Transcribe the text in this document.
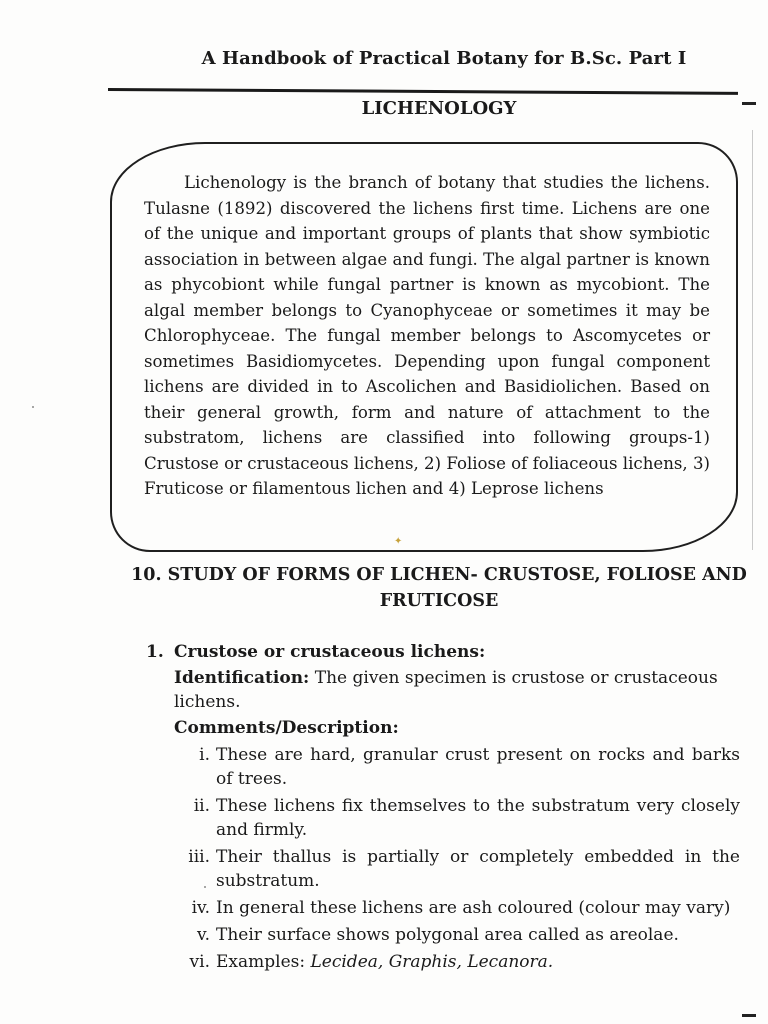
A Handbook of Practical Botany for B.Sc. Part I
LICHENOLOGY

Lichenology is the branch of botany that studies the lichens. Tulasne (1892) discovered the lichens first time. Lichens are one of the unique and important groups of plants that show symbiotic association in between algae and fungi. The algal partner is known as phycobiont while fungal partner is known as mycobiont. The algal member belongs to Cyanophyceae or sometimes it may be Chlorophyceae. The fungal member belongs to Ascomycetes or sometimes Basidiomycetes. Depending upon fungal component lichens are divided in to Ascolichen and Basidiolichen. Based on their general growth, form and nature of attachment to the substratom, lichens are classified into following groups-1) Crustose or crustaceous lichens, 2) Foliose of foliaceous lichens, 3) Fruticose or filamentous lichen and 4) Leprose lichens

✦
10. STUDY OF FORMS OF LICHEN- CRUSTOSE, FOLIOSE AND FRUTICOSE
1. Crustose or crustaceous lichens:
Identification: The given specimen is crustose or crustaceous lichens.
Comments/Description:
i. These are hard, granular crust present on rocks and barks of trees.
ii. These lichens fix themselves to the substratum very closely and firmly.
iii. Their thallus is partially or completely embedded in the substratum.
iv. In general these lichens are ash coloured (colour may vary)
v. Their surface shows polygonal area called as areolae.
vi. Examples: Lecidea, Graphis, Lecanora.
